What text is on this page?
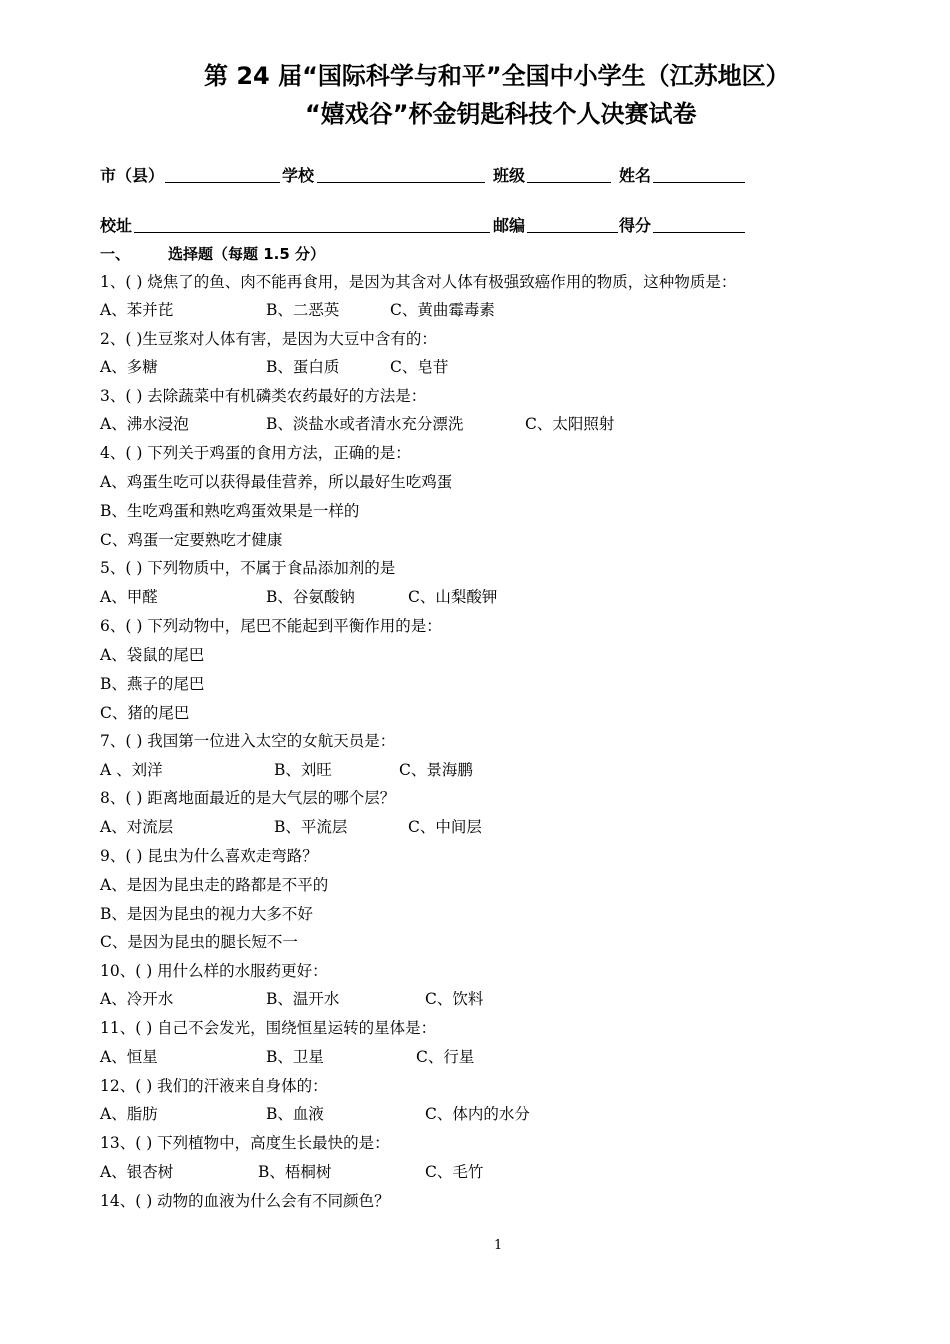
第 24 届“国际科学与和平”全国中小学生（江苏地区）
“嬉戏谷”杯金钥匙科技个人决赛试卷
市（县）	学校	班级	姓名
校址	邮编	得分
一、	选择题（每题 1.5 分）
1、( ) 烧焦了的鱼、肉不能再食用，是因为其含对人体有极强致癌作用的物质，这种物质是：
A、苯并芘	B、二恶英	C、黄曲霉毒素
2、( )生豆浆对人体有害，是因为大豆中含有的：
A、多糖	B、蛋白质	C、皂苷
3、( ) 去除蔬菜中有机磷类农药最好的方法是：
A、沸水浸泡	B、淡盐水或者清水充分漂洗	C、太阳照射
4、( ) 下列关于鸡蛋的食用方法，正确的是：
A、鸡蛋生吃可以获得最佳营养，所以最好生吃鸡蛋
B、生吃鸡蛋和熟吃鸡蛋效果是一样的
C、鸡蛋一定要熟吃才健康
5、( ) 下列物质中，不属于食品添加剂的是
A、甲醛	B、谷氨酸钠	C、山梨酸钾
6、( ) 下列动物中，尾巴不能起到平衡作用的是：
A、袋鼠的尾巴
B、燕子的尾巴
C、猪的尾巴
7、( ) 我国第一位进入太空的女航天员是：
A 、刘洋	B、刘旺	C、景海鹏
8、( ) 距离地面最近的是大气层的哪个层？
A、对流层	B、平流层	C、中间层
9、( ) 昆虫为什么喜欢走弯路？
A、是因为昆虫走的路都是不平的
B、是因为昆虫的视力大多不好
C、是因为昆虫的腿长短不一
10、( ) 用什么样的水服药更好：
A、冷开水	B、温开水	C、饮料
11、( ) 自己不会发光，围绕恒星运转的星体是：
A、恒星	B、卫星	C、行星
12、( ) 我们的汗液来自身体的：
A、脂肪	B、血液	C、体内的水分
13、( ) 下列植物中，高度生长最快的是：
A、银杏树	B、梧桐树	C、毛竹
14、( ) 动物的血液为什么会有不同颜色？
1
